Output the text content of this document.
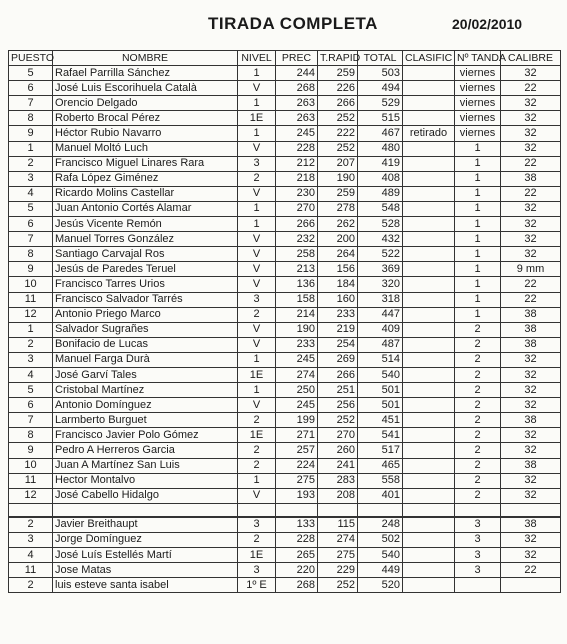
TIRADA COMPLETA	20/02/2010
PUESTO	NOMBRE	NIVEL	PREC	T.RAPID	TOTAL	CLASIFIC	Nº TANDA	CALIBRE
5	Rafael Parrilla Sánchez	1	244	259	503		viernes	32
6	José Luis Escorihuela Català	V	268	226	494		viernes	22
7	Orencio Delgado	1	263	266	529		viernes	32
8	Roberto Brocal Pérez	1E	263	252	515		viernes	32
9	Héctor Rubio Navarro	1	245	222	467	retirado	viernes	32
1	Manuel Moltó Luch	V	228	252	480		1	32
2	Francisco Miguel Linares Rara	3	212	207	419		1	22
3	Rafa López Giménez	2	218	190	408		1	38
4	Ricardo Molins Castellar	V	230	259	489		1	22
5	Juan Antonio Cortés Alamar	1	270	278	548		1	32
6	Jesús Vicente Remón	1	266	262	528		1	32
7	Manuel Torres González	V	232	200	432		1	32
8	Santiago Carvajal Ros	V	258	264	522		1	32
9	Jesús de Paredes Teruel	V	213	156	369		1	9 mm
10	Francisco Tarres Urios	V	136	184	320		1	22
11	Francisco Salvador Tarrés	3	158	160	318		1	22
12	Antonio Priego Marco	2	214	233	447		1	38
1	Salvador Sugrañes	V	190	219	409		2	38
2	Bonifacio de Lucas	V	233	254	487		2	38
3	Manuel Farga Durà	1	245	269	514		2	32
4	José Garví Tales	1E	274	266	540		2	32
5	Cristobal Martínez	1	250	251	501		2	32
6	Antonio Domínguez	V	245	256	501		2	32
7	Larmberto Burguet	2	199	252	451		2	38
8	Francisco Javier Polo Gómez	1E	271	270	541		2	32
9	Pedro A Herreros Garcia	2	257	260	517		2	32
10	Juan A Martínez San Luis	2	224	241	465		2	38
11	Hector Montalvo	1	275	283	558		2	32
12	José Cabello Hidalgo	V	193	208	401		2	32

2	Javier Breithaupt	3	133	115	248		3	38
3	Jorge Domínguez	2	228	274	502		3	32
4	José Luís Estellés Martí	1E	265	275	540		3	32
11	Jose Matas	3	220	229	449		3	22
2	luis esteve santa isabel	1º E	268	252	520			
